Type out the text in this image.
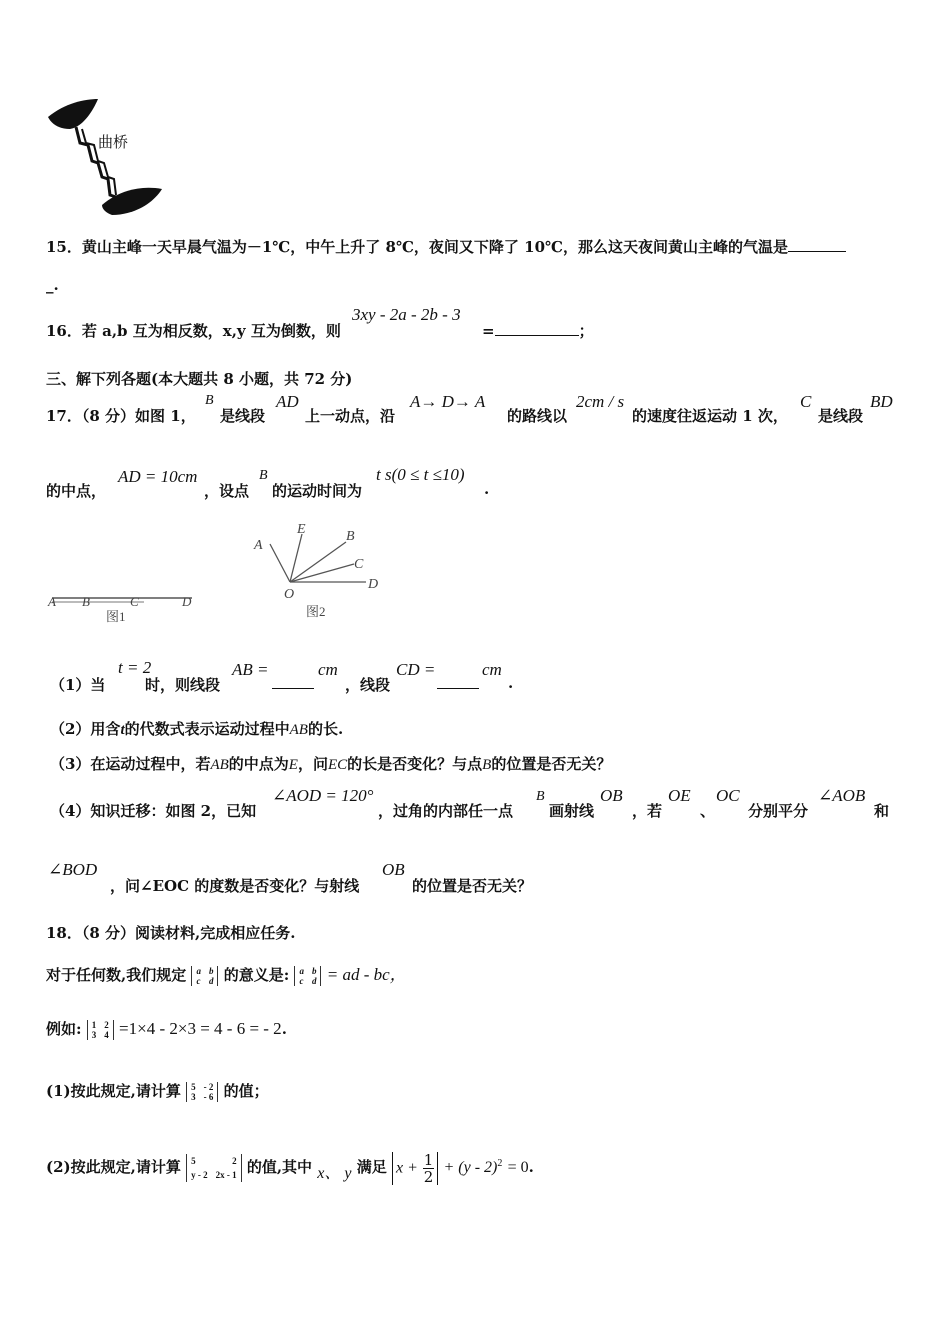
曲桥
15．黄山主峰一天早晨气温为－1℃，中午上升了 8℃，夜间又下降了 10℃，那么这天夜间黄山主峰的气温是
_.
16．若 a,b 互为相反数，x,y 互为倒数，则
3xy - 2a - 2b - 3
=	；
三、解下列各题(本大题共 8 小题，共 72 分)
17．（8 分）如图 1，
B
是线段
AD
上一动点，沿
A→ D→ A
的路线以
2cm / s
的速度往返运动 1 次，
C
是线段
BD
的中点，
AD = 10cm
，设点
B
的运动时间为
t s(0 ≤ t ≤10)
.
A B	C	D
图1
A
E	B
C
D
O
图2
（1）当
t = 2
时，则线段
AB =	cm
，线段
CD =	cm
.
（2）用含t的代数式表示运动过程中AB的长.
（3）在运动过程中，若AB的中点为E，问EC的长是否变化？与点B的位置是否无关？
（4）知识迁移：如图 2，已知
∠AOD = 120°
，过角的内部任一点
B
画射线
OB
，若
OE
、
OC
分别平分
∠AOB
和
∠BOD
，问∠EOC 的度数是否变化？与射线
OB
的位置是否无关？
18．（8 分）阅读材料,完成相应任务.
对于任何数,我们规定 a	b
c	d 的意义是: a	b
c	d = ad - bc，
例如: 1	2
3	4 =1×4 - 2×3 = 4 - 6 = - 2.
(1)按此规定,请计算 5	- 2
3	- 6 的值；
(2)按此规定,请计算 5	2
y - 2	2x - 1 的值,其中 x、 y 满足 $x + \frac{1}{2} + (y - 2)^2 = 0$.
